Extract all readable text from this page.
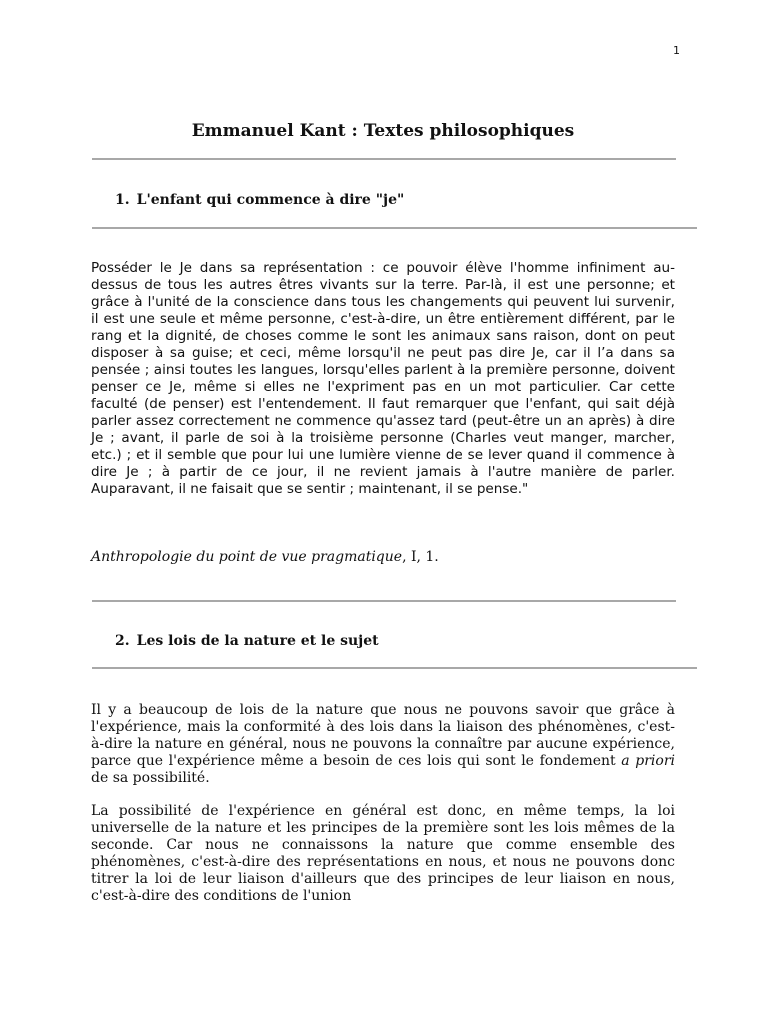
1
Emmanuel Kant : Textes philosophiques
1. L'enfant qui commence à dire "je"

Posséder le Je dans sa représentation : ce pouvoir élève l'homme infiniment au-dessus de tous les autres êtres vivants sur la terre. Par-là, il est une personne; et grâce à l'unité de la conscience dans tous les changements qui peuvent lui survenir, il est une seule et même personne, c'est-à-dire, un être entièrement différent, par le rang et la dignité, de choses comme le sont les animaux sans raison, dont on peut disposer à sa guise; et ceci, même lorsqu'il ne peut pas dire Je, car il l’a dans sa pensée ; ainsi toutes les langues, lorsqu'elles parlent à la première personne, doivent penser ce Je, même si elles ne l'expriment pas en un mot particulier. Car cette faculté (de penser) est l'entendement. Il faut remarquer que l'enfant, qui sait déjà parler assez correctement ne commence qu'assez tard (peut-être un an après) à dire Je ; avant, il parle de soi à la troisième personne (Charles veut manger, marcher, etc.) ; et il semble que pour lui une lumière vienne de se lever quand il commence à dire Je ; à partir de ce jour, il ne revient jamais à l'autre manière de parler. Auparavant, il ne faisait que se sentir ; maintenant, il se pense."

Anthropologie du point de vue pragmatique, I, 1.

2. Les lois de la nature et le sujet

Il y a beaucoup de lois de la nature que nous ne pouvons savoir que grâce à l'expérience, mais la conformité à des lois dans la liaison des phénomènes, c'est-à-dire la nature en général, nous ne pouvons la connaître par aucune expérience, parce que l'expérience même a besoin de ces lois qui sont le fondement a priori de sa possibilité.

La possibilité de l'expérience en général est donc, en même temps, la loi universelle de la nature et les principes de la première sont les lois mêmes de la seconde. Car nous ne connaissons la nature que comme ensemble des phénomènes, c'est-à-dire des représentations en nous, et nous ne pouvons donc titrer la loi de leur liaison d'ailleurs que des principes de leur liaison en nous, c'est-à-dire des conditions de l'union
